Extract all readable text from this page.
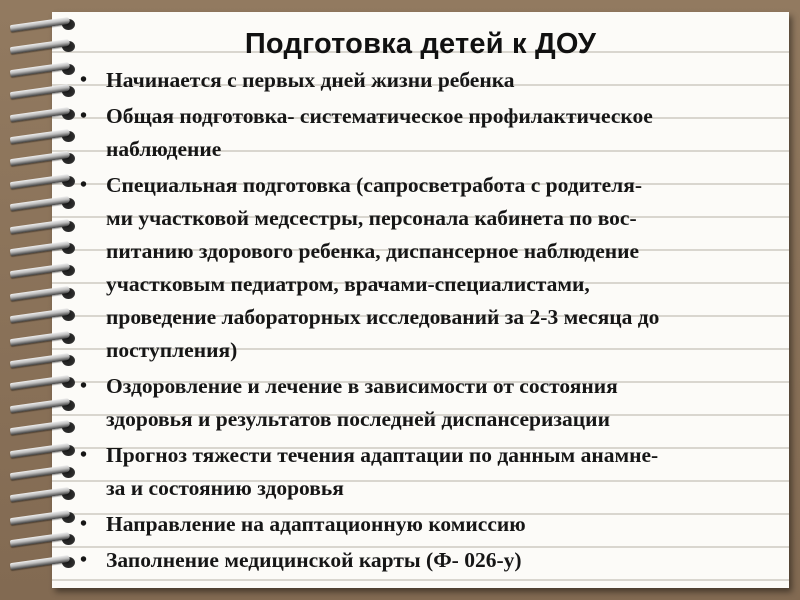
Подготовка детей к ДОУ
• Начинается с первых дней жизни ребенка
• Общая подготовка- систематическое профилактическое
наблюдение
• Специальная подготовка (сапросветработа с родителя-
ми участковой медсестры, персонала кабинета по вос-
питанию здорового ребенка, диспансерное наблюдение
участковым педиатром, врачами-специалистами,
проведение лабораторных исследований за 2-3 месяца до
поступления)
• Оздоровление и лечение в зависимости от состояния
здоровья и результатов последней диспансеризации
• Прогноз тяжести течения адаптации по данным анамне-
за и состоянию здоровья
• Направление на адаптационную комиссию
• Заполнение медицинской карты (Ф- 026-у)
